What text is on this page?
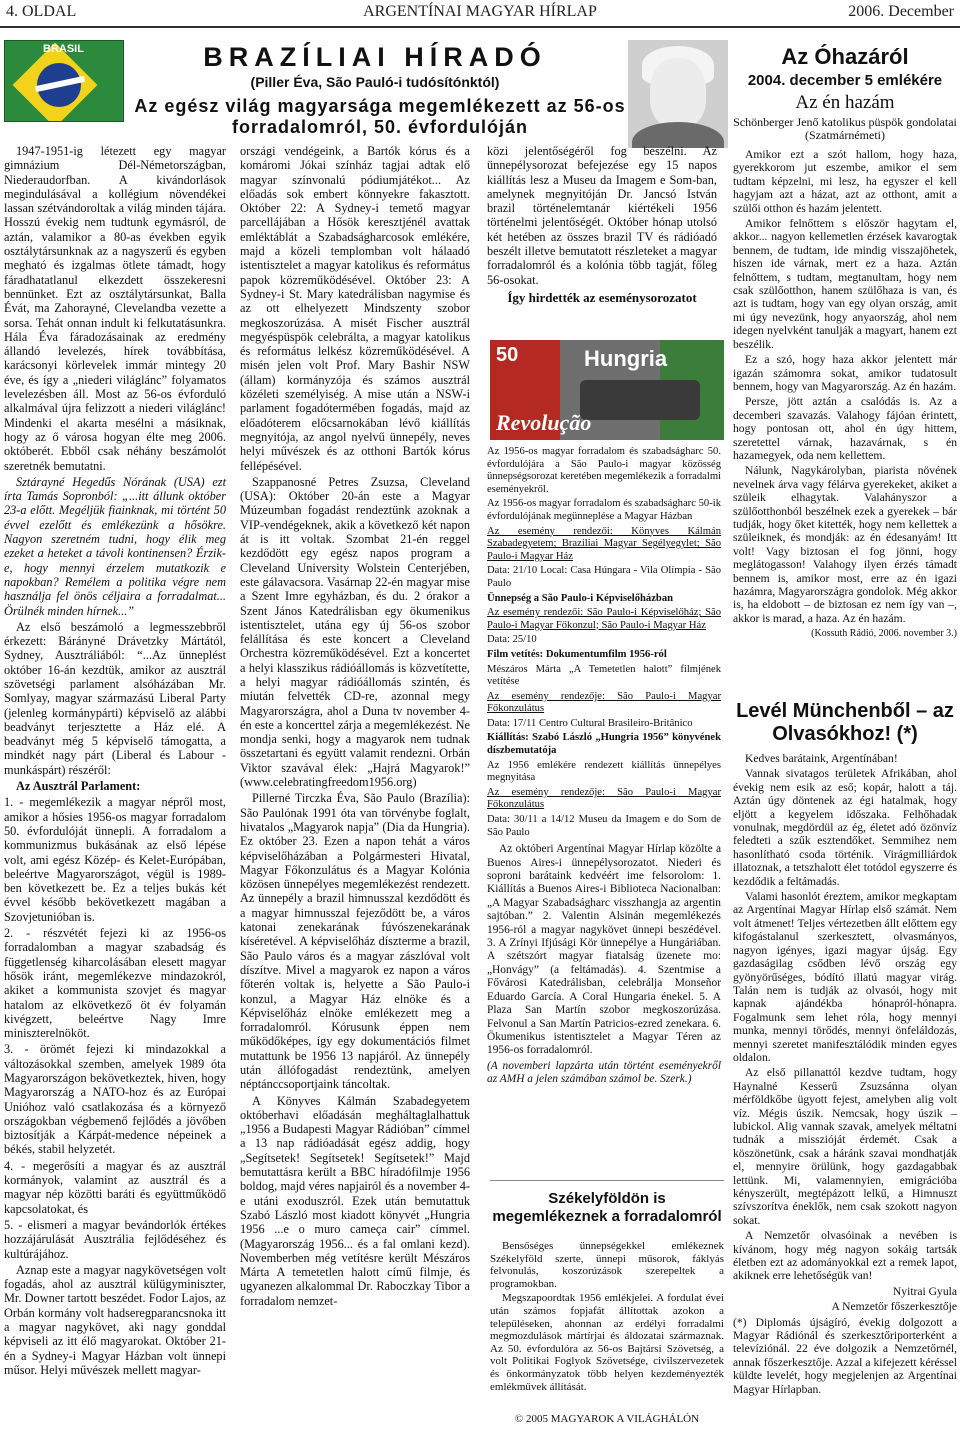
4. OLDAL	ARGENTÍNAI MAGYAR HÍRLAP	2006. December
BRASIL	BRAZÍLIAI HÍRADÓ
(Piller Éva, São Pauló-i tudósítónktól)
Az egész világ magyarsága megemlékezett az 56-os forradalomról, 50. évfordulóján
Az Óhazáról
2004. december 5 emlékére
Az én hazám
Schönberger Jenő katolikus püspök gondolatai (Szatmárnémeti)

1947-1951-ig létezett egy magyar gimnázium Dél-Németországban, Niederaudorfban. A kivándorlások megindulásával a kollégium növendékei lassan szétvándoroltak a világ minden tájára. Hosszú évekig nem tudtunk egymásról, de aztán, valamikor a 80-as években egyik osztálytársunknak az a nagyszerű és egyben megható és izgalmas ötlete támadt, hogy fáradhatatlanul elkezdett összekeresni bennünket. Ezt az osztálytársunkat, Balla Évát, ma Zahorayné, Clevelandba vezette a sorsa. Tehát onnan indult ki felkutatásunkra. Hála Éva fáradozásainak az eredmény állandó levelezés, hírek továbbítása, karácsonyi körlevelek immár mintegy 20 éve, és így a „niederi világlánc” folyamatos levelezésben áll. Most az 56-os évforduló alkalmával újra felizzott a niederi világlánc! Mindenki el akarta mesélni a másiknak, hogy az ő városa hogyan élte meg 2006. októberét. Ebből csak néhány beszámolót szeretnék bemutatni.

Sztárayné Hegedűs Nórának (USA) ezt írta Tamás Sopronból: „...itt állunk október 23-a előtt. Megéljük fiainknak, mi történt 50 évvel ezelőtt és emlékezünk a hősökre. Nagyon szeretném tudni, hogy élik meg ezeket a heteket a távoli kontinensen? Érzik-e, hogy mennyi érzelem mutatkozik e napokban? Remélem a politika végre nem használja fel önös céljaira a forradalmat... Örülnék minden hírnek...”

Az első beszámoló a legmesszebbről érkezett: Bárányné Drávetzky Mártától, Sydney, Ausztráliából: “...Az ünneplést október 16-án kezdtük, amikor az ausztrál szövetségi parlament alsóházában Mr. Somlyay, magyar származású Liberal Party (jelenleg kormánypárti) képviselő az alábbi beadványt terjesztette a Ház elé. A beadványt még 5 képviselő támogatta, a mindkét nagy párt (Liberal és Labour - munkáspárt) részéről:

Az Ausztrál Parlament:

1. - megemlékezik a magyar népről most, amikor a hősies 1956-os magyar forradalom 50. évfordulóját ünnepli. A forradalom a kommunizmus bukásának az első lépése volt, ami egész Közép- és Kelet-Európában, beleértve Magyarországot, végül is 1989-ben következett be. Ez a teljes bukás két évvel később bekövetkezett magában a Szovjetunióban is.

2. - részvétét fejezi ki az 1956-os forradalomban a magyar szabadság és függetlenség kiharcolásában elesett magyar hősök iránt, megemlékezve mindazokról, akiket a kommunista szovjet és magyar hatalom az elkövetkező öt év folyamán kivégzett, beleértve Nagy Imre miniszterelnököt.

3. - örömét fejezi ki mindazokkal a változásokkal szemben, amelyek 1989 óta Magyarországon bekövetkeztek, hiven, hogy Magyarország a NATO-hoz és az Európai Unióhoz való csatlakozása és a környező országokban végbemenő fejlődés a jövőben biztosítják a Kárpát-medence népeinek a békés, stabil helyzetét.

4. - megerősíti a magyar és az ausztrál kormányok, valamint az ausztrál és a magyar nép közötti baráti és együttműködő kapcsolatokat, és

5. - elismeri a magyar bevándorlók értékes hozzájárulását Ausztrália fejlődéséhez és kultúrájához.

Aznap este a magyar nagykövetségen volt fogadás, ahol az ausztrál külügyminiszter, Mr. Downer tartott beszédet. Fodor Lajos, az Orbán kormány volt hadseregparancsnoka itt a magyar nagykövet, aki nagy gonddal képviseli az itt élő magyarokat. Október 21-én a Sydney-i Magyar Házban volt ünnepi műsor. Helyi művészek mellett magyar-

országi vendégeink, a Bartók kórus és a komáromi Jókai színház tagjai adtak elő magyar színvonalú pódiumjátékot... Az előadás sok embert könnyekre fakasztott. Október 22: A Sydney-i temető magyar parcellájában a Hősök keresztjénél avattak emléktáblát a Szabadságharcosok emlékére, majd a közeli templomban volt hálaadó istentisztelet a magyar katolikus és református papok közreműködésével. Október 23: A Sydney-i St. Mary katedrálisban nagymise és az ott elhelyezett Mindszenty szobor megkoszorúzása. A misét Fischer ausztrál megyéspüspök celebrálta, a magyar katolikus és református lelkész közreműködésével. A misén jelen volt Prof. Mary Bashir NSW (állam) kormányzója és számos ausztrál közéleti személyiség. A mise után a NSW-i parlament fogadótermében fogadás, majd az előadóterem előcsarnokában lévő kiállítás megnyitója, az angol nyelvű ünnepély, neves helyi művészek és az otthoni Bartók kórus fellépésével.

Szappanosné Petres Zsuzsa, Cleveland (USA): Október 20-án este a Magyar Múzeumban fogadást rendeztünk azoknak a VIP-vendégeknek, akik a következő két napon át is itt voltak. Szombat 21-én reggel kezdődött egy egész napos program a Cleveland University Wolstein Centerjében, este gálavacsora. Vasárnap 22-én magyar mise a Szent Imre egyházban, és du. 2 órakor a Szent János Katedrálisban egy ökumenikus istentisztelet, utána egy új 56-os szobor felállítása és este koncert a Cleveland Orchestra közreműködésével. Ezt a koncertet a helyi klasszikus rádióállomás is közvetítette, a helyi magyar rádióállomás szintén, és miután felvették CD-re, azonnal megy Magyarországra, ahol a Duna tv november 4-én este a koncerttel zárja a megemlékezést. Ne mondja senki, hogy a magyarok nem tudnak összetartani és együtt valamit rendezni. Orbán Viktor szavával élek: „Hajrá Magyarok!” (www.celebratingfreedom1956.org)

Pillerné Tirczka Éva, São Paulo (Brazília): São Paulónak 1991 óta van törvénybe foglalt, hivatalos „Magyarok napja” (Dia da Hungria). Ez október 23. Ezen a napon tehát a város képviselőházában a Polgármesteri Hivatal, Magyar Főkonzulátus és a Magyar Kolónia közösen ünnepélyes megemlékezést rendezett. Az ünnepély a brazil himnusszal kezdődött és a magyar himnusszal fejeződött be, a város katonai zenekarának fúvószenekarának kíséretével. A képviselőház díszterme a brazil, São Paulo város és a magyar zászlóval volt díszítve. Mivel a magyarok ez napon a város főterén voltak is, helyette a São Paulo-i konzul, a Magyar Ház elnöke és a Képviselőház elnöke emlékezett meg a forradalomról. Kórusunk éppen nem működőképes, így egy dokumentációs filmet mutattunk be 1956 13 napjáról. Az ünnepély után állófogadást rendeztünk, amelyen néptánccsoportjaink táncoltak.

A Könyves Kálmán Szabadegyetem októberhavi előadásán megháltaglalhattuk „1956 a Budapesti Magyar Rádióban” címmel a 13 nap rádióadását egész addig, hogy „Segítsetek! Segítsetek! Segítsetek!” Majd bemutattásra került a BBC híradófilmje 1956 boldog, majd véres napjairól és a november 4-e utáni exoduszról. Ezek után bemutattuk Szabó László most kiadott könyvét „Hungria 1956 ...e o muro cameça cair” címmel. (Magyarország 1956... és a fal omlani kezd). Novemberben még vetítésre került Mészáros Márta A temetetlen halott című filmje, és ugyanezen alkalommal Dr. Raboczkay Tibor a forradalom nemzet-

közi jelentőségéről fog beszélni. Az ünnepélysorozat befejezése egy 15 napos kiállítás lesz a Museu da Imagem e Som-ban, amelynek megnyitóján Dr. Jancsó István brazil történelemtanár kiértékeli 1956 történelmi jelentőségét. Október hónap utolsó két hetében az összes brazil TV és rádióadó beszélt illetve bemutatott részleteket a magyar forradalomról és a kolónia több tagját, főleg 56-osokat.

Így hirdették az eseménysorozatot

50	Hungria
Revolução

Az 1956-os magyar forradalom és szabadságharc 50. évfordulójára a São Paulo-i magyar közösség ünnepségsorozat keretében megemlékezik a forradalmi eseményekről.

Az 1956-os magyar forradalom és szabadságharc 50-ik évfordulójának megünneplése a Magyar Házban

Az esemény rendezői: Könyves Kálmán Szabadegyetem; Braziliai Magyar Segélyegylet; São Paulo-i Magyar Ház

Data: 21/10 Local: Casa Húngara - Vila Olímpia - São Paulo

Ünnepség a São Paulo-i Képviselőházban

Az esemény rendezői: São Paulo-i Képviselőház; São Paulo-i Magyar Főkonzul; São Paulo-i Magyar Ház

Data: 25/10

Film vetítés: Dokumentumfilm 1956-ról

Mészáros Márta „A Temetetlen halott” filmjének vetítése

Az esemény rendezője: São Paulo-i Magyar Főkonzulátus

Data: 17/11 Centro Cultural Brasileiro-Britânico

Kiállítás: Szabó László „Hungria 1956” könyvének díszbemutatója

Az 1956 emlékére rendezett kiállítás ünnepélyes megnyitása

Az esemény rendezője: São Paulo-i Magyar Főkonzulátus

Data: 30/11 a 14/12 Museu da Imagem e do Som de São Paulo

Az októberi Argentínai Magyar Hírlap közölte a Buenos Aires-i ünnepélysorozatot. Niederi és soproni barátaink kedvéért ime felsorolom: 1. Kiállítás a Buenos Aires-i Biblioteca Nacionalban: „A Magyar Szabadságharc visszhangja az argentin sajtóban.” 2. Valentin Alsinán megemlékezés 1956-ról a magyar nagykövet ünnepi beszédével. 3. A Zrínyi Ifjúsági Kör ünnepélye a Hungáriában. A szétszórt magyar fiatalság üzenete mo: „Honvágy” (a feltámadás). 4. Szentmise a Fővárosi Katedrálisban, celebrálja Monseñor Eduardo García. A Coral Hungaria énekel. 5. A Plaza San Martín szobor megkoszorúzása. Felvonul a San Martín Patricios-ezred zenekara. 6. Ökumenikus istentisztelet a Magyar Téren az 1956-os forradalomról.

(A novemberi lapzárta után történt eseményekről az AMH a jelen számában számol be. Szerk.)

Székelyföldön is megemlékeznek a forradalomról

Bensőséges ünnepségekkel emlékeznek Székelyföld szerte, ünnepi műsorok, fáklyás felvonulás, koszorúzások szerepeltek a programokban.

Megszapoordtak 1956 emlékjelei. A fordulat évei után számos fopjafát állítottak azokon a településeken, ahonnan az erdélyi forradalmi megmozdulások mártírjai és áldozatai származnak. Az 50. évfordulóra az 56-os Bajtársi Szövetség, a volt Politikai Foglyok Szövetsége, civilszervezetek és önkormányzatok több helyen kezdeményezték emlékművek állítását.

© 2005 MAGYAROK A VILÁGHÁLÓN

Amikor ezt a szót hallom, hogy haza, gyerekkorom jut eszembe, amikor el sem tudtam képzelni, mi lesz, ha egyszer el kell hagyjam azt a házat, azt az otthont, amit a szülői otthon és hazám jelentett.

Amikor felnőttem s először hagytam el, akkor... nagyon kellemetlen érzések kavarogtak bennem, de tudtam, ide mindig visszajöhetek, hiszen ide várnak, mert ez a haza. Aztán felnőttem, s tudtam, megtanultam, hogy nem csak szülőotthon, hanem szülőhaza is van, és azt is tudtam, hogy van egy olyan ország, amit mi úgy nevezünk, hogy anyaország, ahol nem idegen nyelvként tanulják a magyart, hanem ezt beszélik.

Ez a szó, hogy haza akkor jelentett már igazán számomra sokat, amikor tudatosult bennem, hogy van Magyarország. Az én hazám.

Persze, jött aztán a csalódás is. Az a decemberi szavazás. Valahogy fájóan érintett, hogy pontosan ott, ahol én úgy hittem, szeretettel várnak, hazavárnak, s én hazamegyek, oda nem kellettem.

Nálunk, Nagykárolyban, piarista növének nevelnek árva vagy félárva gyerekeket, akiket a szüleik elhagytak. Valahányszor a szülőotthonból beszélnek ezek a gyerekek – bár tudják, hogy őket kitették, hogy nem kellettek a szüleiknek, és mondják: az én édesanyám! Itt volt! Vagy biztosan el fog jönni, hogy meglátogasson! Valahogy ilyen érzés támadt bennem is, amikor most, erre az én igazi hazámra, Magyarországra gondolok. Még akkor is, ha eldobott – de biztosan ez nem így van –, akkor is marad, a haza. Az én hazám.

(Kossuth Rádió, 2006. november 3.)

Levél Münchenből – az Olvasókhoz! (*)

Kedves barátaink, Argentínában!

Vannak sivatagos területek Afrikában, ahol évekig nem esik az eső; kopár, halott a táj. Aztán úgy döntenek az égi hatalmak, hogy eljött a kegyelem időszaka. Felhőhadak vonulnak, megdördül az ég, életet adó özönvíz feledteti a szűk esztendőket. Semmihez nem hasonlítható csoda történik. Virágmilliárdok illatoznak, a tetszhalott élet totódol egyszerre és kezdődik a feltámadás.

Valami hasonlót éreztem, amikor megkaptam az Argentínai Magyar Hírlap első számát. Nem volt átmenet! Teljes vértezetben állt előttem egy kifogástalanul szerkesztett, olvasmányos, nagyon igényes, igazi magyar újság. Egy gazdaságilag csődben lévő ország egy gyönyörűséges, bódító illatú magyar virág. Talán nem is tudják az olvasói, hogy mit kapnak ajándékba hónapról-hónapra. Fogalmunk sem lehet róla, hogy mennyi munka, mennyi törődés, mennyi önfeláldozás, mennyi szeretet manifesztálódik minden egyes oldalon.

Az első pillanattól kezdve tudtam, hogy Haynalné Kesserű Zsuzsánna olyan mérföldkőbe ügyott fejest, amelyben alig volt víz. Mégis úszik. Nemcsak, hogy úszik – lubickol. Alig vannak szavak, amelyek méltatni tudnák a misszióját érdemét. Csak a köszönetünk, csak a háránk szavai mondhatják el, mennyire örülünk, hogy gazdagabbak lettünk. Mi, valamennyien, emigrációba kényszerült, megtépázott lelkű, a Himnuszt szívszorítva éneklők, nem csak szokott nagyon sokat.

A Nemzetőr olvasóinak a nevében is kívánom, hogy még nagyon sokáig tartsák életben ezt az adományokkal ezt a remek lapot, akiknek erre lehetőségük van!

Nyitrai Gyula

A Nemzetőr főszerkesztője

(*) Diplomás újságíró, évekig dolgozott a Magyar Rádiónál és szerkesztőriporterként a televíziónál. 22 éve dolgozik a Nemzetőrnél, annak főszerkesztője. Azzal a kifejezett kéréssel küldte levelét, hogy megjelenjen az Argentínai Magyar Hírlapban.
